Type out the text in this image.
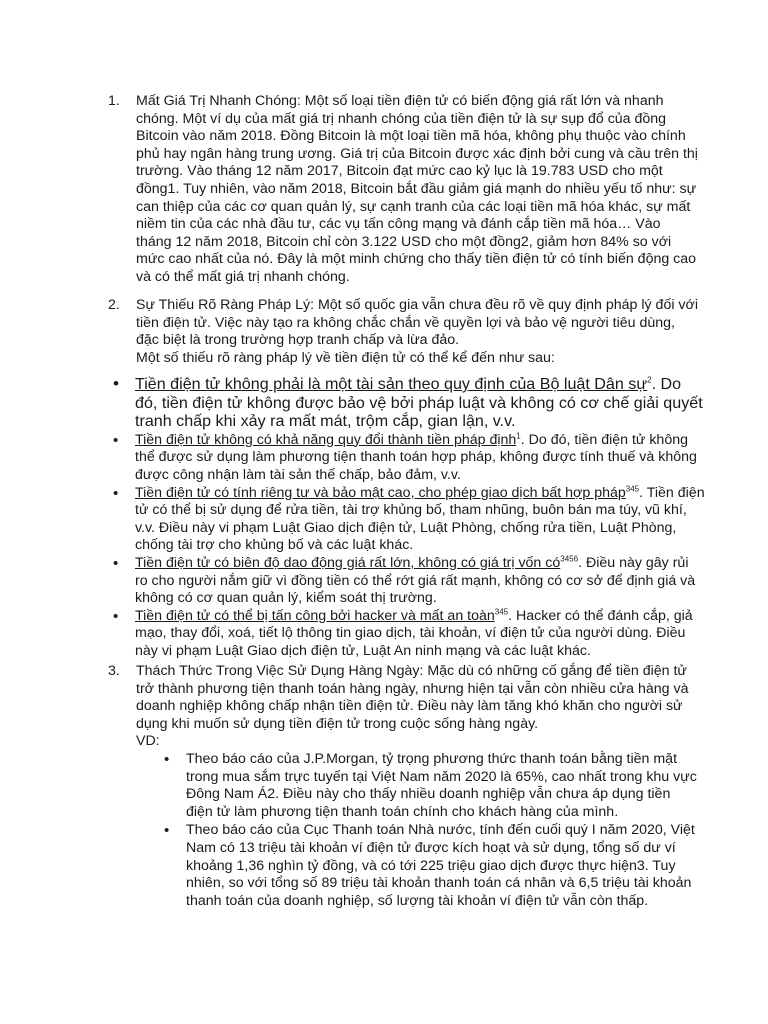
1. Mất Giá Trị Nhanh Chóng: Một số loại tiền điện tử có biến động giá rất lớn và nhanh chóng. Một ví dụ của mất giá trị nhanh chóng của tiền điện tử là sự sụp đổ của đồng Bitcoin vào năm 2018. Đồng Bitcoin là một loại tiền mã hóa, không phụ thuộc vào chính phủ hay ngân hàng trung ương. Giá trị của Bitcoin được xác định bởi cung và cầu trên thị trường. Vào tháng 12 năm 2017, Bitcoin đạt mức cao kỷ lục là 19.783 USD cho một đồng1. Tuy nhiên, vào năm 2018, Bitcoin bắt đầu giảm giá mạnh do nhiều yếu tố như: sự can thiệp của các cơ quan quản lý, sự cạnh tranh của các loại tiền mã hóa khác, sự mất niềm tin của các nhà đầu tư, các vụ tấn công mạng và đánh cắp tiền mã hóa… Vào tháng 12 năm 2018, Bitcoin chỉ còn 3.122 USD cho một đồng2, giảm hơn 84% so với mức cao nhất của nó. Đây là một minh chứng cho thấy tiền điện tử có tính biến động cao và có thể mất giá trị nhanh chóng.

2. Sự Thiếu Rõ Ràng Pháp Lý: Một số quốc gia vẫn chưa đều rõ về quy định pháp lý đối với tiền điện tử. Việc này tạo ra không chắc chắn về quyền lợi và bảo vệ người tiêu dùng, đặc biệt là trong trường hợp tranh chấp và lừa đảo.

Một số thiếu rõ ràng pháp lý về tiền điện tử có thể kể đến như sau:

• Tiền điện tử không phải là một tài sản theo quy định của Bộ luật Dân sự$^2$. Do đó, tiền điện tử không được bảo vệ bởi pháp luật và không có cơ chế giải quyết tranh chấp khi xảy ra mất mát, trộm cắp, gian lận, v.v.
• Tiền điện tử không có khả năng quy đổi thành tiền pháp định$^1$. Do đó, tiền điện tử không thể được sử dụng làm phương tiện thanh toán hợp pháp, không được tính thuế và không được công nhận làm tài sản thế chấp, bảo đảm, v.v.
• Tiền điện tử có tính riêng tư và bảo mật cao, cho phép giao dịch bất hợp pháp$^{345}$. Tiền điện tử có thể bị sử dụng để rửa tiền, tài trợ khủng bố, tham nhũng, buôn bán ma túy, vũ khí, v.v. Điều này vi phạm Luật Giao dịch điện tử, Luật Phòng, chống rửa tiền, Luật Phòng, chống tài trợ cho khủng bố và các luật khác.
• Tiền điện tử có biên độ dao động giá rất lớn, không có giá trị vốn $có^{3456}$. Điều này gây rủi ro cho người nắm giữ vì đồng tiền có thể rớt giá rất mạnh, không có cơ sở để định giá và không có cơ quan quản lý, kiểm soát thị trường.
• Tiền điện tử có thể bị tấn công bởi hacker và mất an toàn$^{345}$. Hacker có thể đánh cắp, giả mạo, thay đổi, xoá, tiết lộ thông tin giao dịch, tài khoản, ví điện tử của người dùng. Điều này vi phạm Luật Giao dịch điện tử, Luật An ninh mạng và các luật khác.
3. Thách Thức Trong Việc Sử Dụng Hàng Ngày: Mặc dù có những cố gắng để tiền điện tử trở thành phương tiện thanh toán hàng ngày, nhưng hiện tại vẫn còn nhiều cửa hàng và doanh nghiệp không chấp nhận tiền điện tử. Điều này làm tăng khó khăn cho người sử dụng khi muốn sử dụng tiền điện tử trong cuộc sống hàng ngày.

VD:

• Theo báo cáo của J.P.Morgan, tỷ trọng phương thức thanh toán bằng tiền mặt trong mua sắm trực tuyến tại Việt Nam năm 2020 là 65%, cao nhất trong khu vực Đông Nam Á2. Điều này cho thấy nhiều doanh nghiệp vẫn chưa áp dụng tiền điện tử làm phương tiện thanh toán chính cho khách hàng của mình.
• Theo báo cáo của Cục Thanh toán Nhà nước, tính đến cuối quý I năm 2020, Việt Nam có 13 triệu tài khoản ví điện tử được kích hoạt và sử dụng, tổng số dư ví khoảng 1,36 nghìn tỷ đồng, và có tới 225 triệu giao dịch được thực hiện3. Tuy nhiên, so với tổng số 89 triệu tài khoản thanh toán cá nhân và 6,5 triệu tài khoản thanh toán của doanh nghiệp, số lượng tài khoản ví điện tử vẫn còn thấp.
